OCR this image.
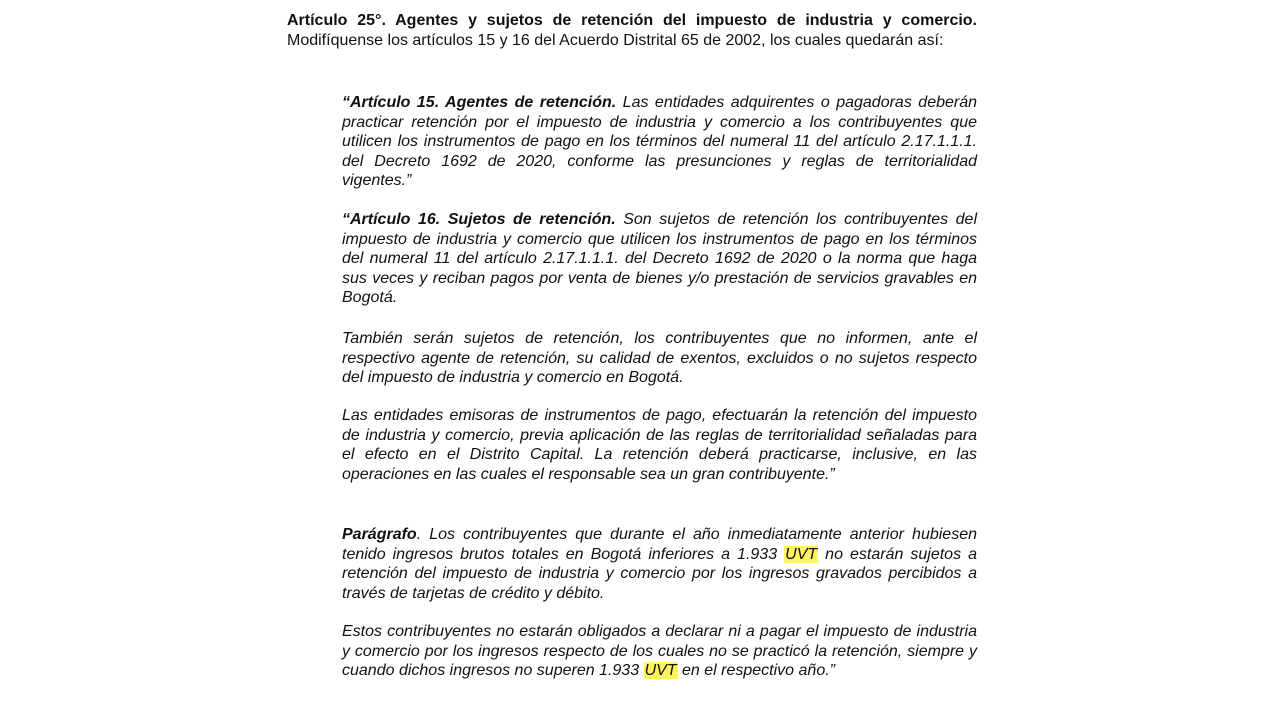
Artículo 25°. Agentes y sujetos de retención del impuesto de industria y comercio. Modifíquense los artículos 15 y 16 del Acuerdo Distrital 65 de 2002, los cuales quedarán así:
“Artículo 15. Agentes de retención. Las entidades adquirentes o pagadoras deberán practicar retención por el impuesto de industria y comercio a los contribuyentes que utilicen los instrumentos de pago en los términos del numeral 11 del artículo 2.17.1.1.1. del Decreto 1692 de 2020, conforme las presunciones y reglas de territorialidad vigentes.”
“Artículo 16. Sujetos de retención. Son sujetos de retención los contribuyentes del impuesto de industria y comercio que utilicen los instrumentos de pago en los términos del numeral 11 del artículo 2.17.1.1.1. del Decreto 1692 de 2020 o la norma que haga sus veces y reciban pagos por venta de bienes y/o prestación de servicios gravables en Bogotá.
También serán sujetos de retención, los contribuyentes que no informen, ante el respectivo agente de retención, su calidad de exentos, excluidos o no sujetos respecto del impuesto de industria y comercio en Bogotá.
Las entidades emisoras de instrumentos de pago, efectuarán la retención del impuesto de industria y comercio, previa aplicación de las reglas de territorialidad señaladas para el efecto en el Distrito Capital. La retención deberá practicarse, inclusive, en las operaciones en las cuales el responsable sea un gran contribuyente.”
Parágrafo. Los contribuyentes que durante el año inmediatamente anterior hubiesen tenido ingresos brutos totales en Bogotá inferiores a 1.933 UVT no estarán sujetos a retención del impuesto de industria y comercio por los ingresos gravados percibidos a través de tarjetas de crédito y débito.
Estos contribuyentes no estarán obligados a declarar ni a pagar el impuesto de industria y comercio por los ingresos respecto de los cuales no se practicó la retención, siempre y cuando dichos ingresos no superen 1.933 UVT en el respectivo año.”
